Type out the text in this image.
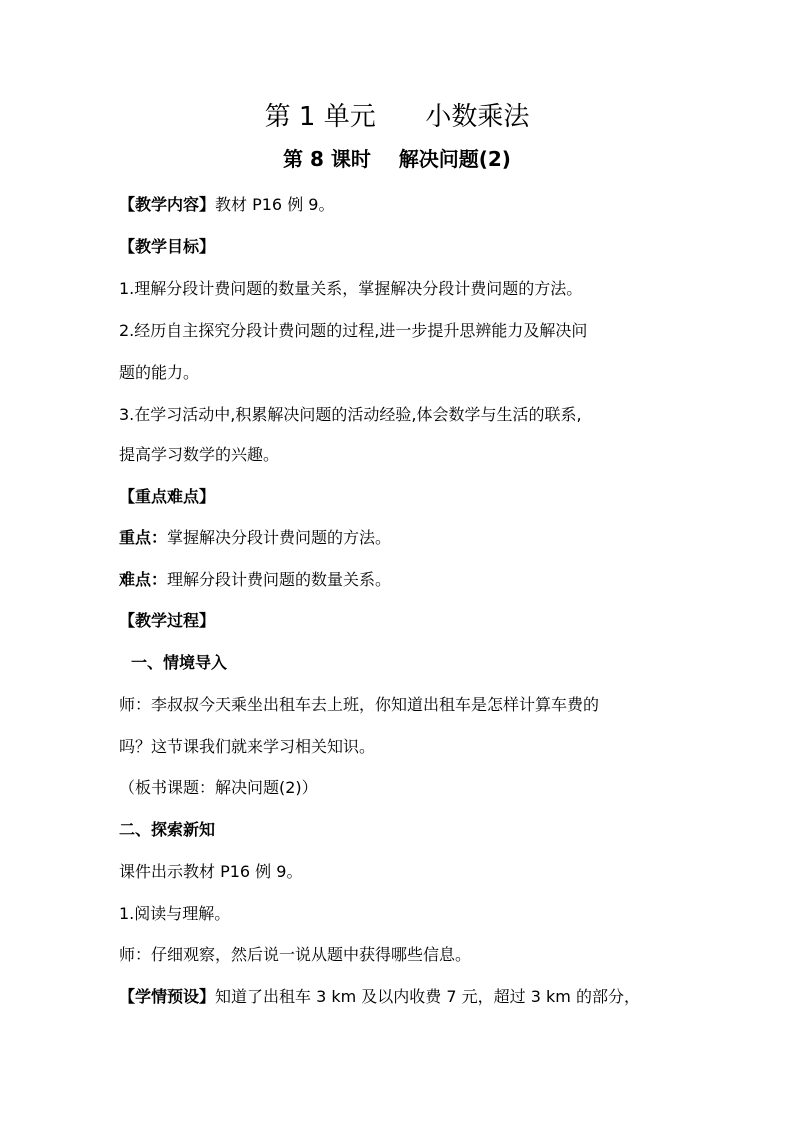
第 1 单元      小数乘法
第 8 课时    解决问题(2)
【教学内容】教材 P16 例 9。
【教学目标】
1.理解分段计费问题的数量关系，掌握解决分段计费问题的方法。
2.经历自主探究分段计费问题的过程,进一步提升思辨能力及解决问
题的能力。
3.在学习活动中,积累解决问题的活动经验,体会数学与生活的联系,
提高学习数学的兴趣。
【重点难点】
重点：掌握解决分段计费问题的方法。
难点：理解分段计费问题的数量关系。
【教学过程】
一、情境导入
师：李叔叔今天乘坐出租车去上班，你知道出租车是怎样计算车费的
吗？这节课我们就来学习相关知识。
（板书课题：解决问题(2)）
二、探索新知
课件出示教材 P16 例 9。
1.阅读与理解。
师：仔细观察，然后说一说从题中获得哪些信息。
【学情预设】知道了出租车 3 km 及以内收费 7 元，超过 3 km 的部分，
